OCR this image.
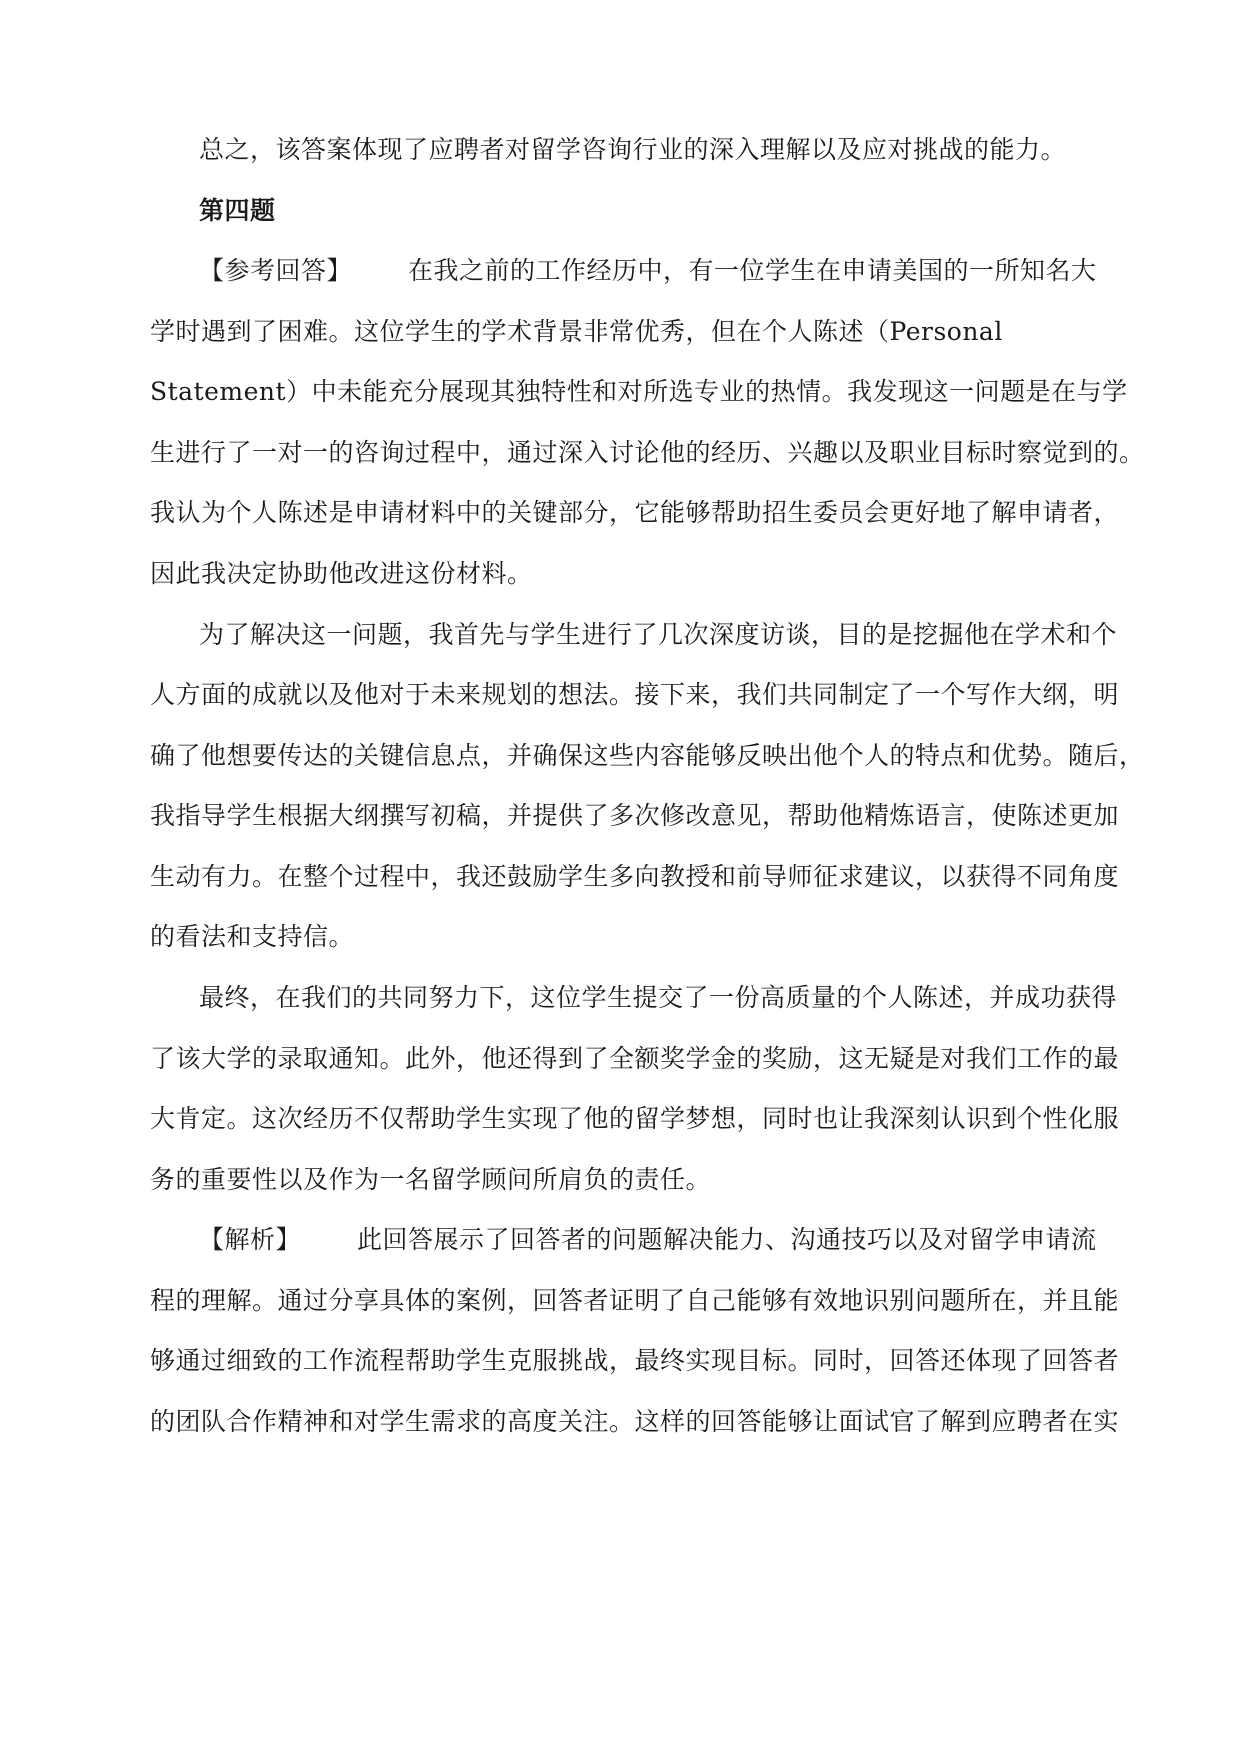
总之，该答案体现了应聘者对留学咨询行业的深入理解以及应对挑战的能力。
第四题
【参考回答】 在我之前的工作经历中，有一位学生在申请美国的一所知名大
学时遇到了困难。这位学生的学术背景非常优秀，但在个人陈述（Personal
Statement）中未能充分展现其独特性和对所选专业的热情。我发现这一问题是在与学
生进行了一对一的咨询过程中，通过深入讨论他的经历、兴趣以及职业目标时察觉到的。
我认为个人陈述是申请材料中的关键部分，它能够帮助招生委员会更好地了解申请者，
因此我决定协助他改进这份材料。
为了解决这一问题，我首先与学生进行了几次深度访谈，目的是挖掘他在学术和个
人方面的成就以及他对于未来规划的想法。接下来，我们共同制定了一个写作大纲，明
确了他想要传达的关键信息点，并确保这些内容能够反映出他个人的特点和优势。随后，
我指导学生根据大纲撰写初稿，并提供了多次修改意见，帮助他精炼语言，使陈述更加
生动有力。在整个过程中，我还鼓励学生多向教授和前导师征求建议，以获得不同角度
的看法和支持信。
最终，在我们的共同努力下，这位学生提交了一份高质量的个人陈述，并成功获得
了该大学的录取通知。此外，他还得到了全额奖学金的奖励，这无疑是对我们工作的最
大肯定。这次经历不仅帮助学生实现了他的留学梦想，同时也让我深刻认识到个性化服
务的重要性以及作为一名留学顾问所肩负的责任。
【解析】 此回答展示了回答者的问题解决能力、沟通技巧以及对留学申请流
程的理解。通过分享具体的案例，回答者证明了自己能够有效地识别问题所在，并且能
够通过细致的工作流程帮助学生克服挑战，最终实现目标。同时，回答还体现了回答者
的团队合作精神和对学生需求的高度关注。这样的回答能够让面试官了解到应聘者在实
